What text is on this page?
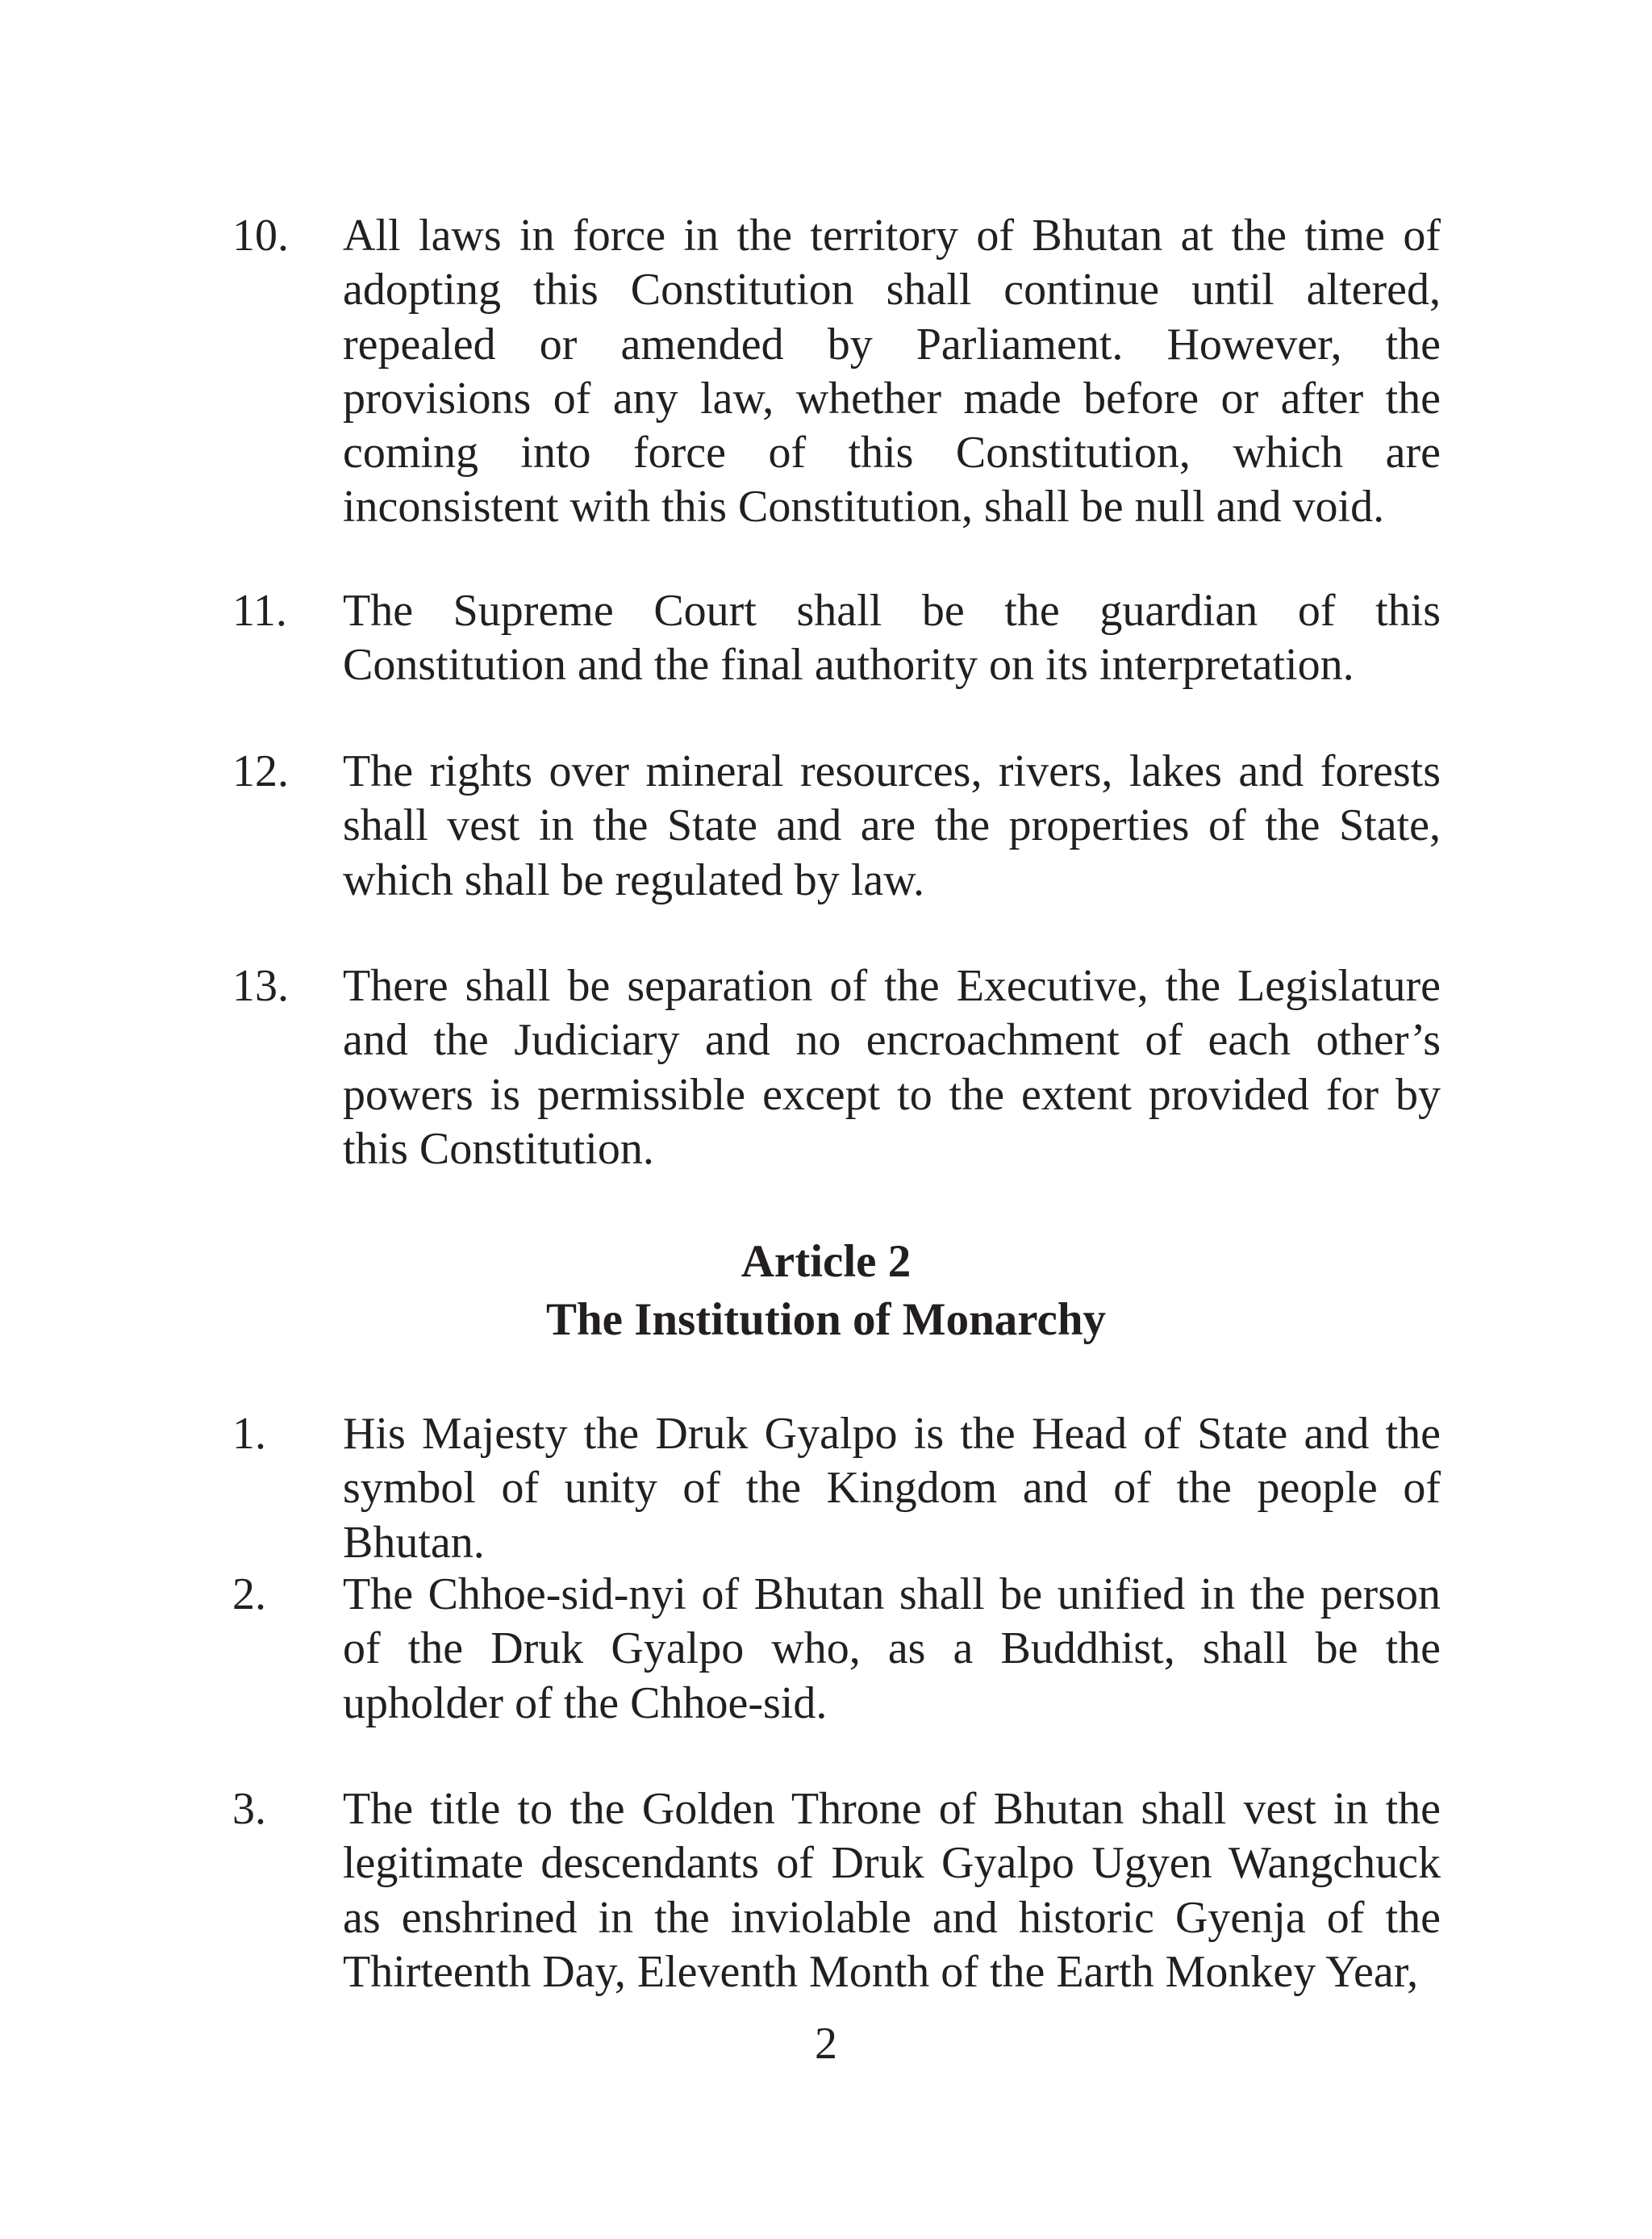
10.	All laws in force in the territory of Bhutan at the time of adopting this Constitution shall continue until altered, repealed or amended by Parliament. However, the provisions of any law, whether made before or after the coming into force of this Constitution, which are inconsistent with this Constitution, shall be null and void.
11.	The Supreme Court shall be the guardian of this Constitution and the final authority on its interpretation.
12.	The rights over mineral resources, rivers, lakes and forests shall vest in the State and are the properties of the State, which shall be regulated by law.
13.	There shall be separation of the Executive, the Legislature and the Judiciary and no encroachment of each other’s powers is permissible except to the extent provided for by this Constitution.
Article 2
The Institution of Monarchy
1.	His Majesty the Druk Gyalpo is the Head of State and the symbol of unity of the Kingdom and of the people of Bhutan.
2.	The Chhoe-sid-nyi of Bhutan shall be unified in the person of the Druk Gyalpo who, as a Buddhist, shall be the upholder of the Chhoe-sid.
3.	The title to the Golden Throne of Bhutan shall vest in the legitimate descendants of Druk Gyalpo Ugyen Wangchuck as enshrined in the inviolable and historic Gyenja of the Thirteenth Day, Eleventh Month of the Earth Monkey Year,
2
